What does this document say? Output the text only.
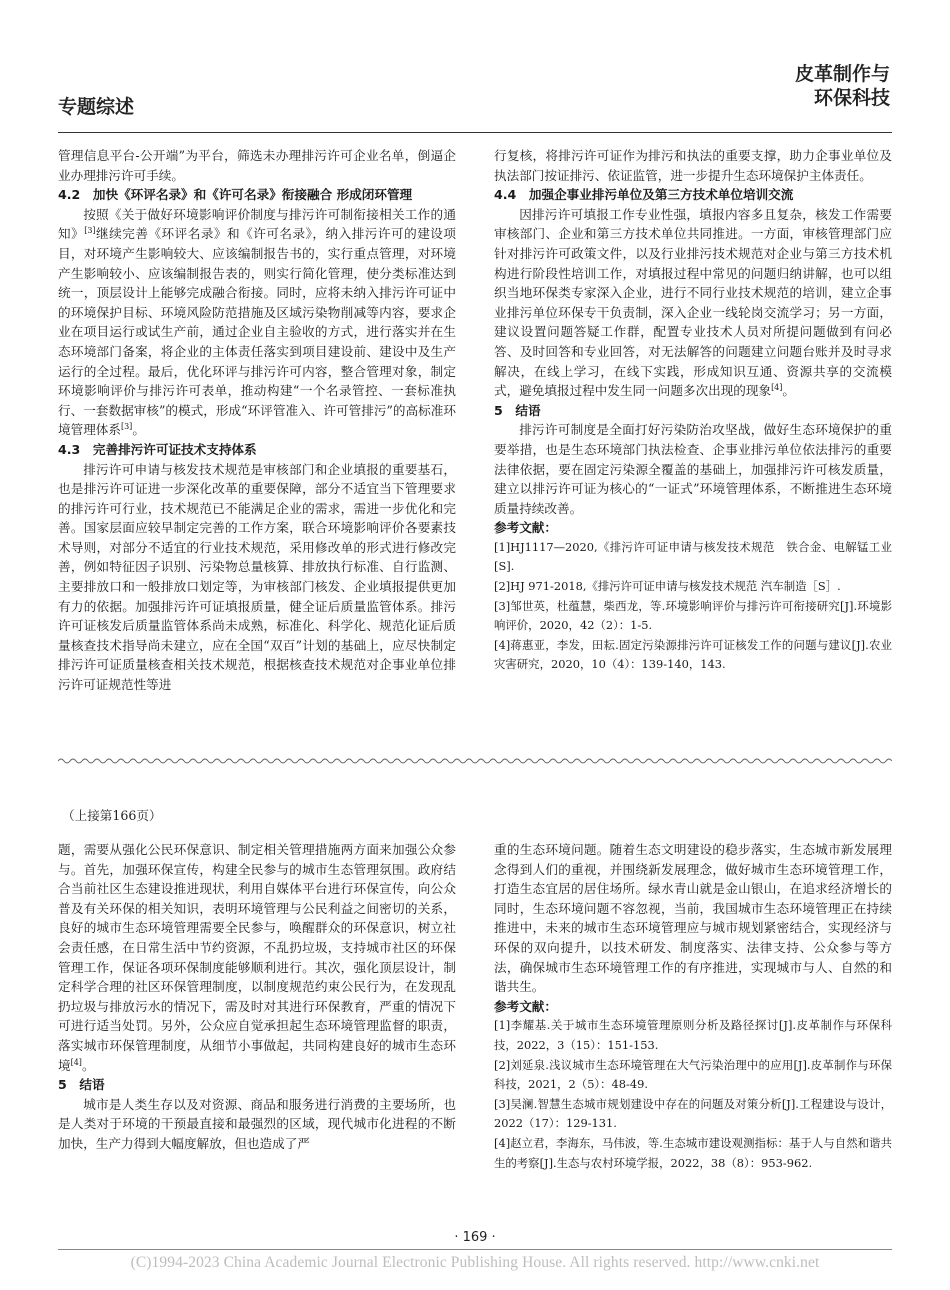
专题综述
皮革制作与
环保科技

管理信息平台-公开端”为平台，筛选未办理排污许可企业名单，倒逼企业办理排污许可手续。

4.2　加快《环评名录》和《许可名录》衔接融合 形成闭环管理

按照《关于做好环境影响评价制度与排污许可制衔接相关工作的通知》[3]继续完善《环评名录》和《许可名录》，纳入排污许可的建设项目，对环境产生影响较大、应该编制报告书的，实行重点管理，对环境产生影响较小、应该编制报告表的，则实行简化管理，使分类标准达到统一，顶层设计上能够完成融合衔接。同时，应将未纳入排污许可证中的环境保护目标、环境风险防范措施及区域污染物削减等内容，要求企业在项目运行或试生产前，通过企业自主验收的方式，进行落实并在生态环境部门备案，将企业的主体责任落实到项目建设前、建设中及生产运行的全过程。最后，优化环评与排污许可内容，整合管理对象，制定环境影响评价与排污许可表单，推动构建“一个名录管控、一套标准执行、一套数据审核”的模式，形成“环评管准入、许可管排污”的高标准环境管理体系[3]。

4.3　完善排污许可证技术支持体系

排污许可申请与核发技术规范是审核部门和企业填报的重要基石，也是排污许可证进一步深化改革的重要保障，部分不适宜当下管理要求的排污许可行业，技术规范已不能满足企业的需求，需进一步优化和完善。国家层面应较早制定完善的工作方案，联合环境影响评价各要素技术导则，对部分不适宜的行业技术规范，采用修改单的形式进行修改完善，例如特征因子识别、污染物总量核算、排放执行标准、自行监测、主要排放口和一般排放口划定等，为审核部门核发、企业填报提供更加有力的依据。加强排污许可证填报质量，健全证后质量监管体系。排污许可证核发后质量监管体系尚未成熟，标准化、科学化、规范化证后质量核查技术指导尚未建立，应在全国“双百”计划的基础上，应尽快制定排污许可证质量核查相关技术规范，根据核查技术规范对企事业单位排污许可证规范性等进

行复核，将排污许可证作为排污和执法的重要支撑，助力企事业单位及执法部门按证排污、依证监管，进一步提升生态环境保护主体责任。

4.4　加强企事业排污单位及第三方技术单位培训交流

因排污许可填报工作专业性强，填报内容多且复杂，核发工作需要审核部门、企业和第三方技术单位共同推进。一方面，审核管理部门应针对排污许可政策文件，以及行业排污技术规范对企业与第三方技术机构进行阶段性培训工作，对填报过程中常见的问题归纳讲解，也可以组织当地环保类专家深入企业，进行不同行业技术规范的培训，建立企事业排污单位环保专干负责制，深入企业一线轮岗交流学习；另一方面，建议设置问题答疑工作群，配置专业技术人员对所提问题做到有问必答、及时回答和专业回答，对无法解答的问题建立问题台账并及时寻求解决，在线上学习，在线下实践，形成知识互通、资源共享的交流模式，避免填报过程中发生同一问题多次出现的现象[4]。

5　结语

排污许可制度是全面打好污染防治攻坚战，做好生态环境保护的重要举措，也是生态环境部门执法检查、企事业排污单位依法排污的重要法律依据，要在固定污染源全覆盖的基础上，加强排污许可核发质量，建立以排污许可证为核心的“一证式”环境管理体系，不断推进生态环境质量持续改善。

参考文献：

[1]HJ1117—2020,《排污许可证申请与核发技术规范　铁合金、电解锰工业[S].

[2]HJ 971-2018,《排污许可证申请与核发技术规范 汽车制造［S］.

[3]邹世英，杜蕴慧，柴西龙，等.环境影响评价与排污许可衔接研究[J].环境影响评价，2020，42（2）：1-5.

[4]蒋惠亚，李发，田耘.固定污染源排污许可证核发工作的问题与建议[J].农业灾害研究，2020，10（4）：139-140，143.

（上接第166页）

题，需要从强化公民环保意识、制定相关管理措施两方面来加强公众参与。首先，加强环保宣传，构建全民参与的城市生态管理氛围。政府结合当前社区生态建设推进现状，利用自媒体平台进行环保宣传，向公众普及有关环保的相关知识，表明环境管理与公民利益之间密切的关系，良好的城市生态环境管理需要全民参与，唤醒群众的环保意识，树立社会责任感，在日常生活中节约资源，不乱扔垃圾，支持城市社区的环保管理工作，保证各项环保制度能够顺利进行。其次，强化顶层设计，制定科学合理的社区环保管理制度，以制度规范约束公民行为，在发现乱扔垃圾与排放污水的情况下，需及时对其进行环保教育，严重的情况下可进行适当处罚。另外，公众应自觉承担起生态环境管理监督的职责，落实城市环保管理制度，从细节小事做起，共同构建良好的城市生态环境[4]。

5　结语

城市是人类生存以及对资源、商品和服务进行消费的主要场所，也是人类对于环境的干预最直接和最强烈的区域，现代城市化进程的不断加快，生产力得到大幅度解放，但也造成了严

重的生态环境问题。随着生态文明建设的稳步落实，生态城市新发展理念得到人们的重视，并围绕新发展理念，做好城市生态环境管理工作，打造生态宜居的居住场所。绿水青山就是金山银山，在追求经济增长的同时，生态环境问题不容忽视，当前，我国城市生态环境管理正在持续推进中，未来的城市生态环境管理应与城市规划紧密结合，实现经济与环保的双向提升，以技术研发、制度落实、法律支持、公众参与等方法，确保城市生态环境管理工作的有序推进，实现城市与人、自然的和谐共生。

参考文献：

[1]李耀基.关于城市生态环境管理原则分析及路径探讨[J].皮革制作与环保科技，2022，3（15）：151-153.

[2]刘延泉.浅议城市生态环境管理在大气污染治理中的应用[J].皮革制作与环保科技，2021，2（5）：48-49.

[3]吴澜.智慧生态城市规划建设中存在的问题及对策分析[J].工程建设与设计，2022（17）：129-131.

[4]赵立君，李海东，马伟波，等.生态城市建设观测指标：基于人与自然和谐共生的考察[J].生态与农村环境学报，2022，38（8）：953-962.

· 169 ·
(C)1994-2023 China Academic Journal Electronic Publishing House. All rights reserved. http://www.cnki.net
